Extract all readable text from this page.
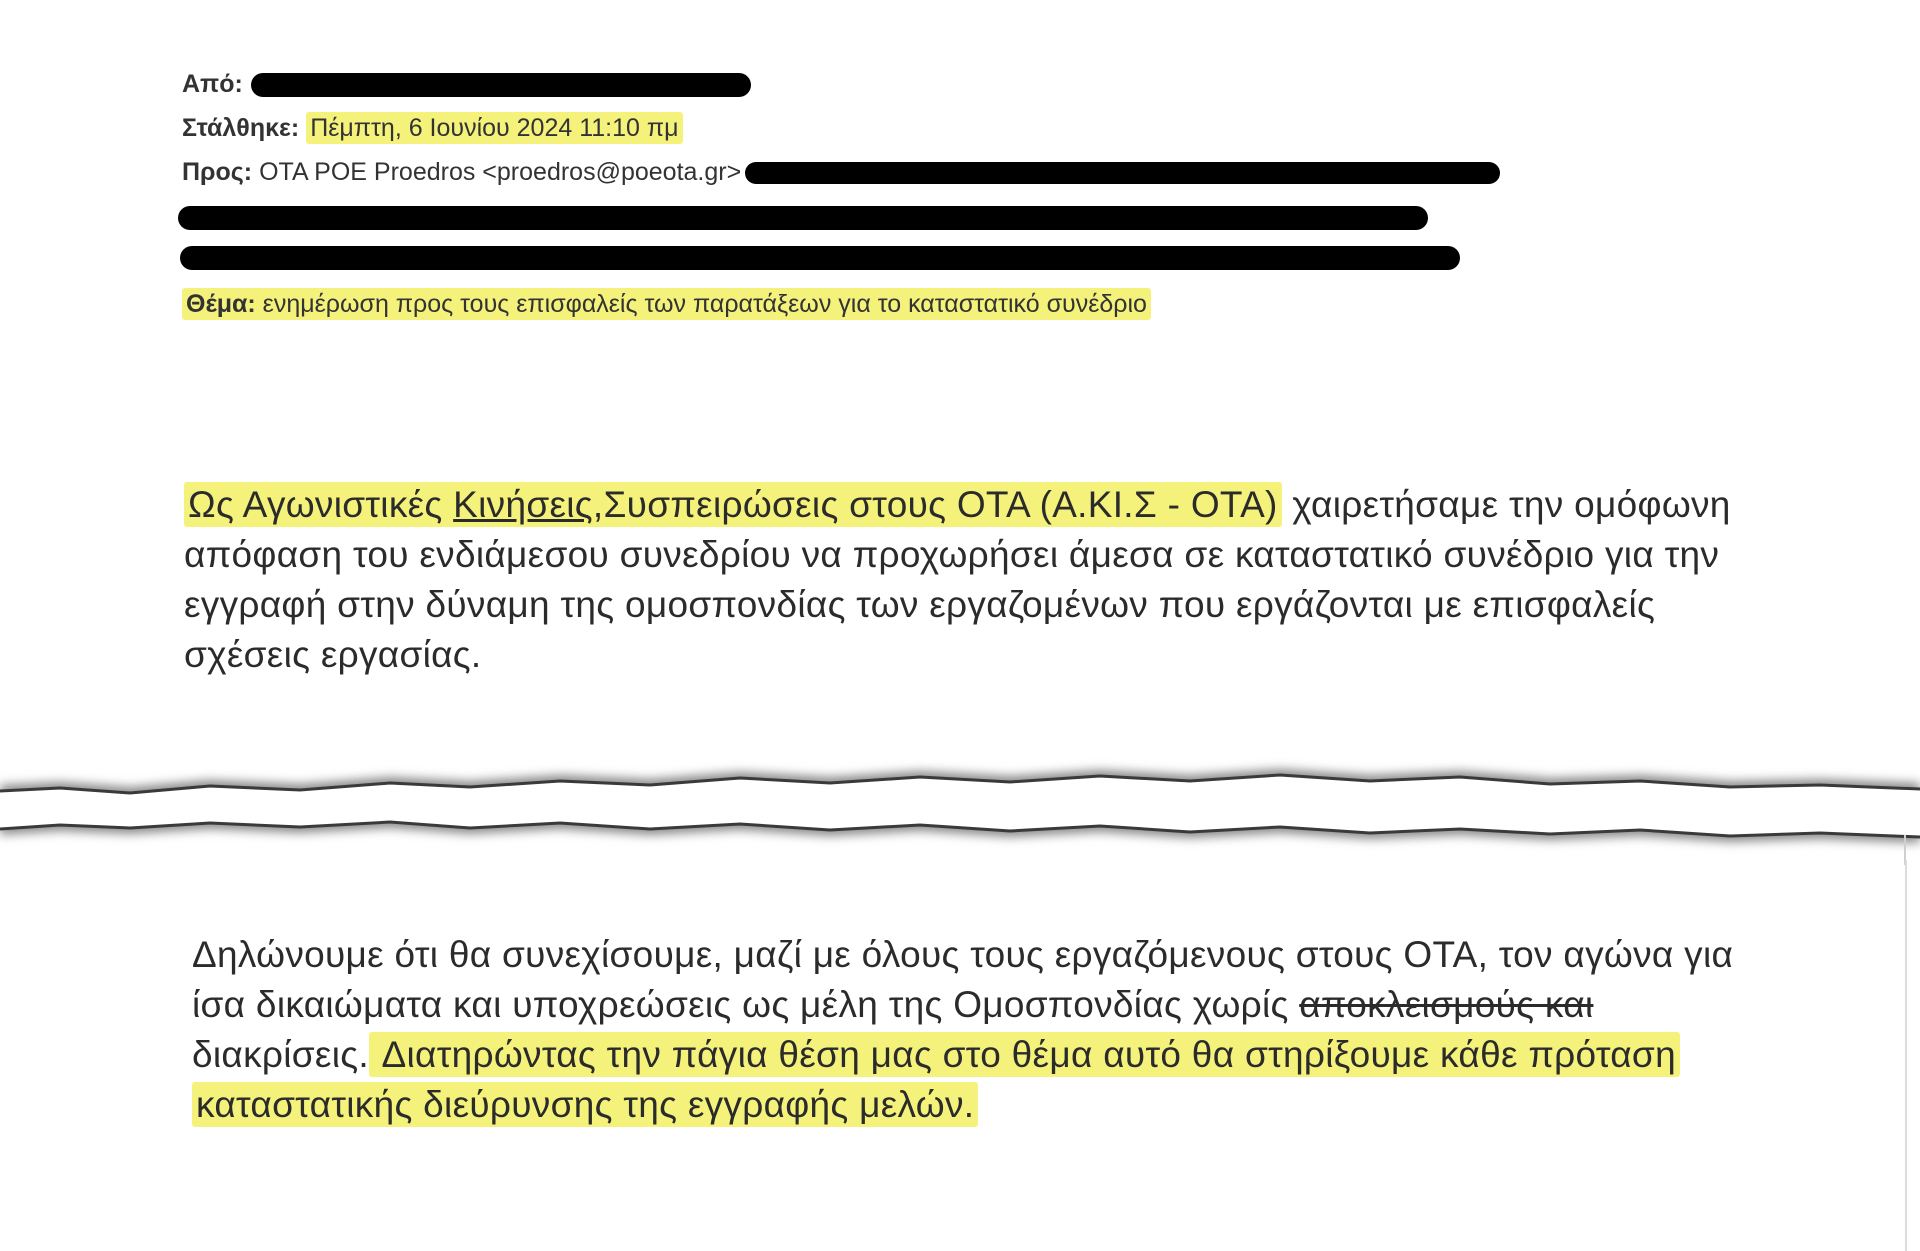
Από:
Στάλθηκε: Πέμπτη, 6 Ιουνίου 2024 11:10 πμ
Προς: ΟΤΑ POE Proedros <proedros@poeota.gr>
Θέμα: ενημέρωση προς τους επισφαλείς των παρατάξεων για το καταστατικό συνέδριο

Ως Αγωνιστικές Κινήσεις,Συσπειρώσεις στους ΟΤΑ (Α.ΚΙ.Σ - ΟΤΑ) χαιρετήσαμε την ομόφωνη απόφαση του ενδιάμεσου συνεδρίου να προχωρήσει άμεσα σε καταστατικό συνέδριο για την εγγραφή στην δύναμη της ομοσπονδίας των εργαζομένων που εργάζονται με επισφαλείς σχέσεις εργασίας.

Δηλώνουμε ότι θα συνεχίσουμε, μαζί με όλους τους εργαζόμενους στους ΟΤΑ, τον αγώνα για ίσα δικαιώματα και υποχρεώσεις ως μέλη της Ομοσπονδίας χωρίς αποκλεισμούς και διακρίσεις. Διατηρώντας την πάγια θέση μας στο θέμα αυτό θα στηρίξουμε κάθε πρόταση καταστατικής διεύρυνσης της εγγραφής μελών.
